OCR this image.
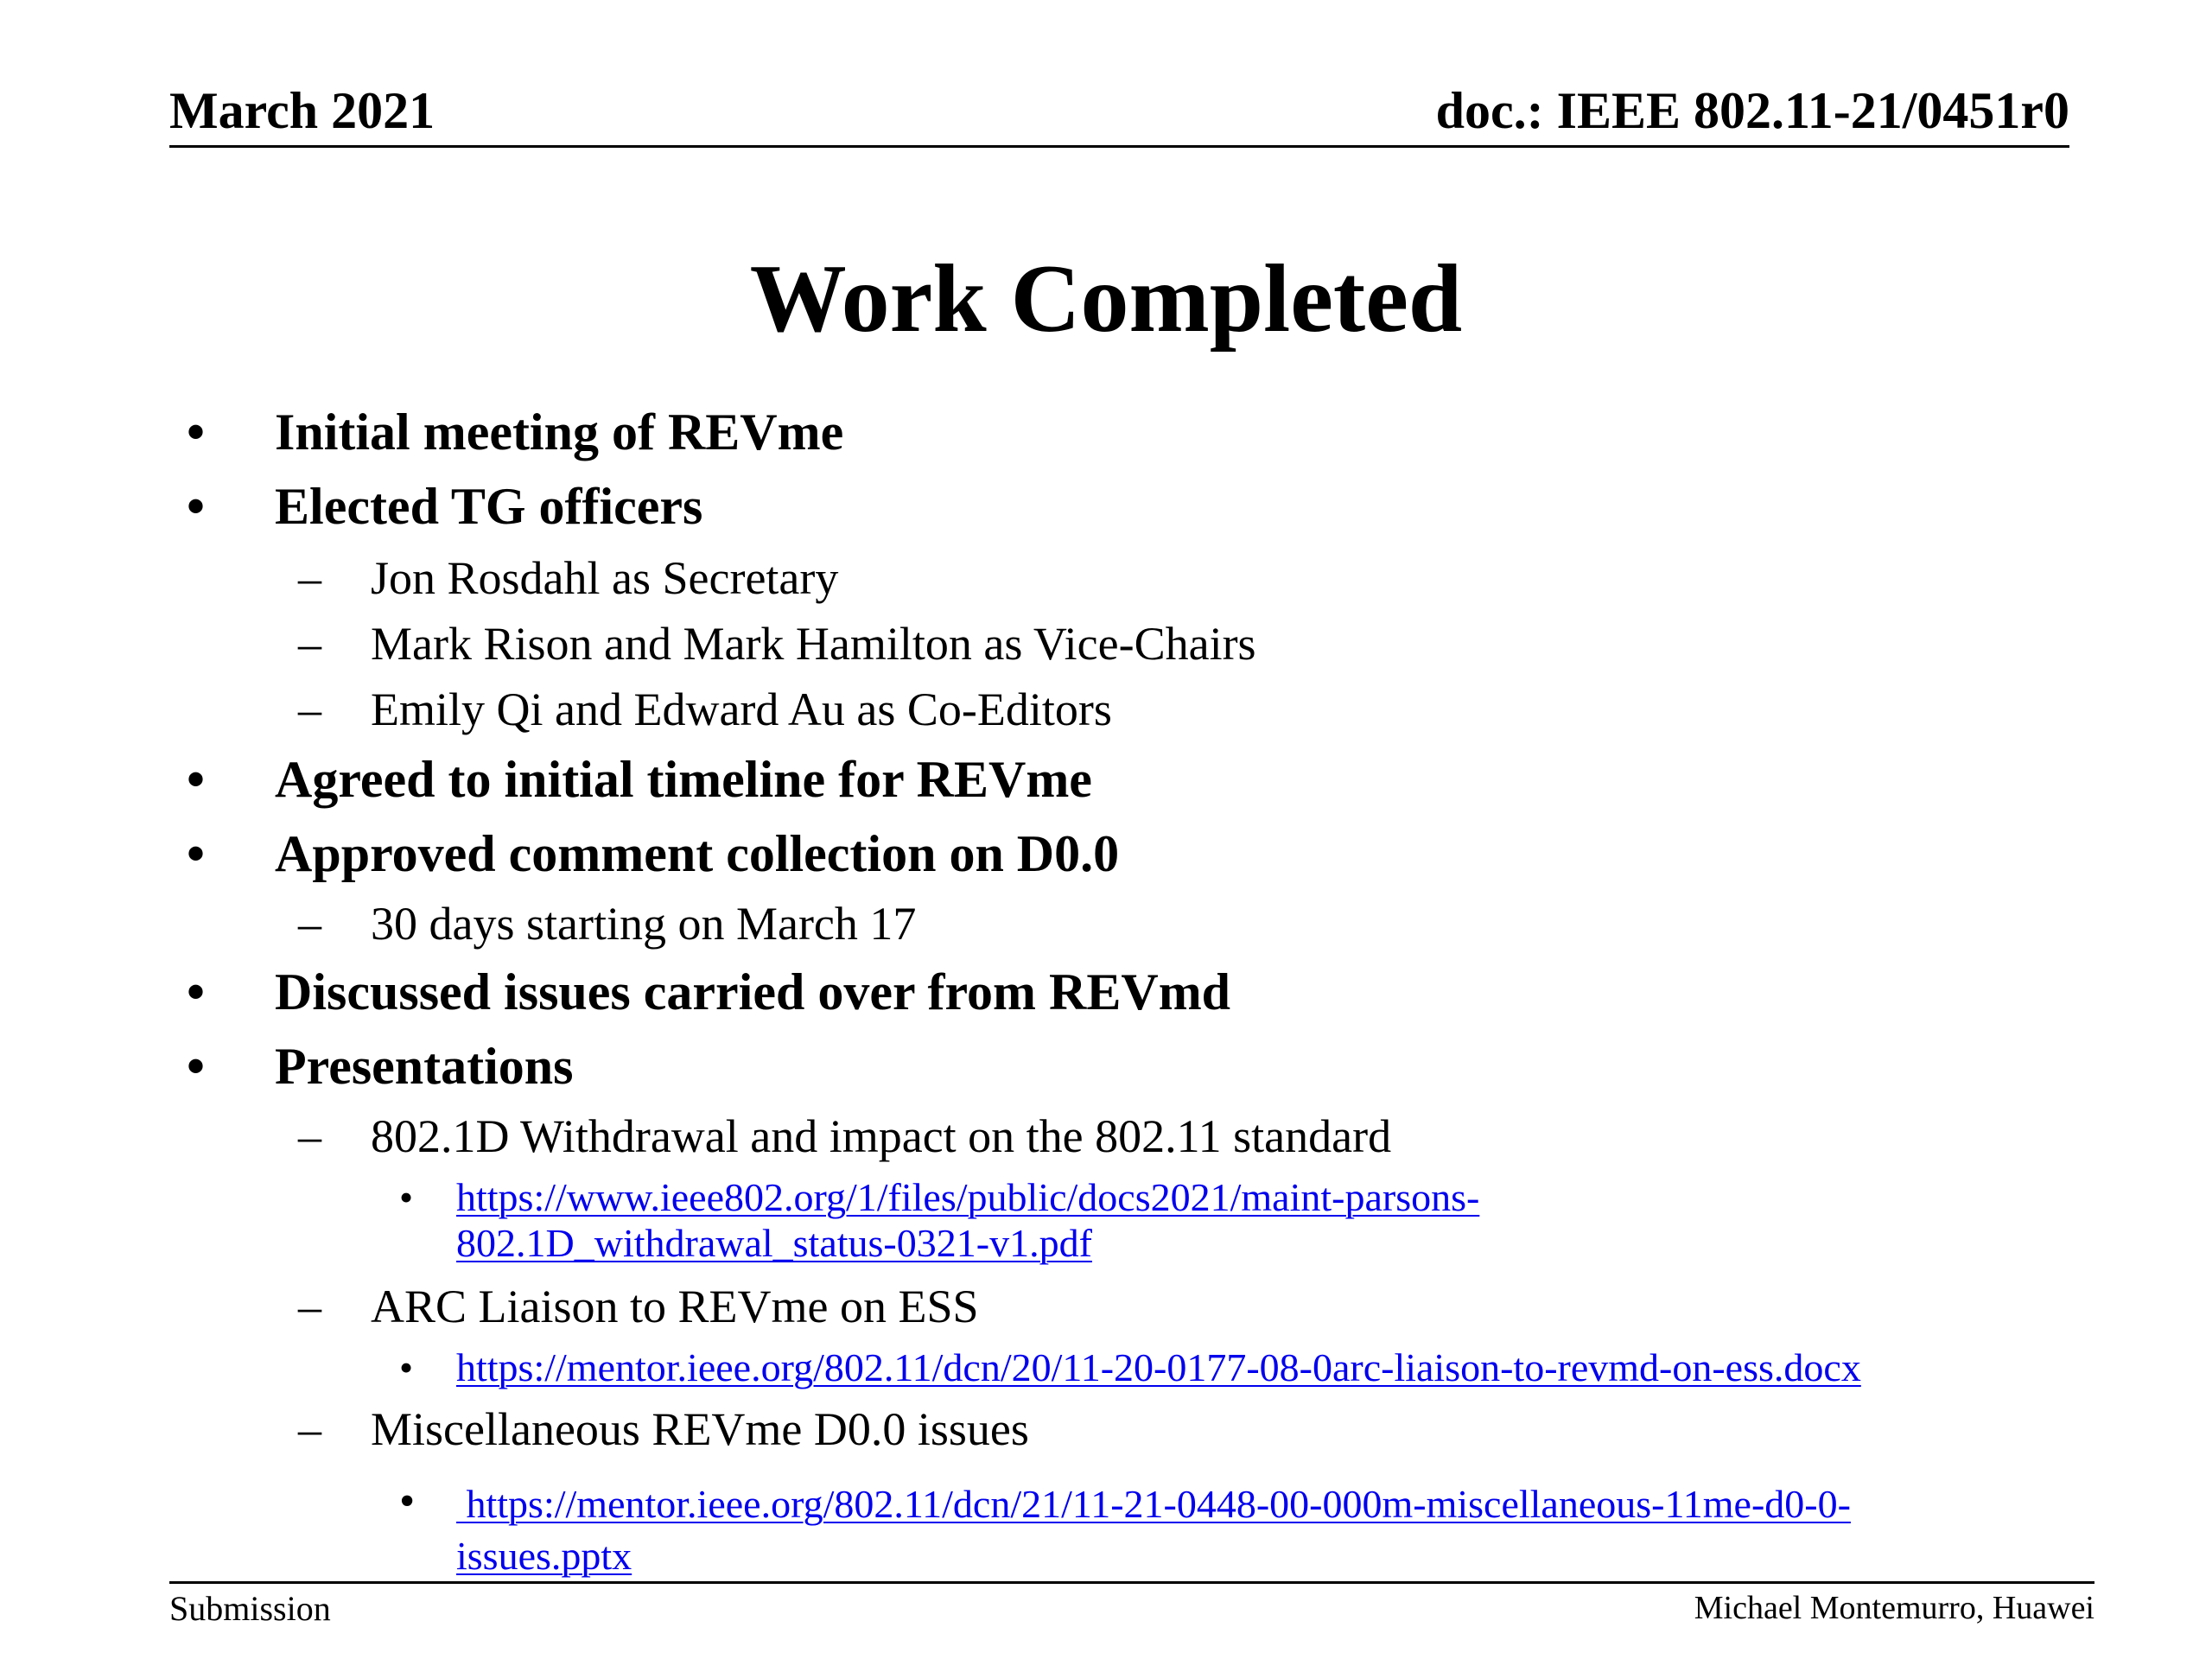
March 2021	doc.: IEEE 802.11-21/0451r0
Work Completed
•	Initial meeting of REVme
•	Elected TG officers
– Jon Rosdahl as Secretary
– Mark Rison and Mark Hamilton as Vice-Chairs
– Emily Qi and Edward Au as Co-Editors
•	Agreed to initial timeline for REVme
•	Approved comment collection on D0.0
– 30 days starting on March 17
•	Discussed issues carried over from REVmd
•	Presentations
– 802.1D Withdrawal and impact on the 802.11 standard
• https://www.ieee802.org/1/files/public/docs2021/maint-parsons-
802.1D_withdrawal_status-0321-v1.pdf
– ARC Liaison to REVme on ESS
• https://mentor.ieee.org/802.11/dcn/20/11-20-0177-08-0arc-liaison-to-revmd-on-ess.docx
– Miscellaneous REVme D0.0 issues
• https://mentor.ieee.org/802.11/dcn/21/11-21-0448-00-000m-miscellaneous-11me-d0-0-
issues.pptx
Submission	Michael Montemurro, Huawei
